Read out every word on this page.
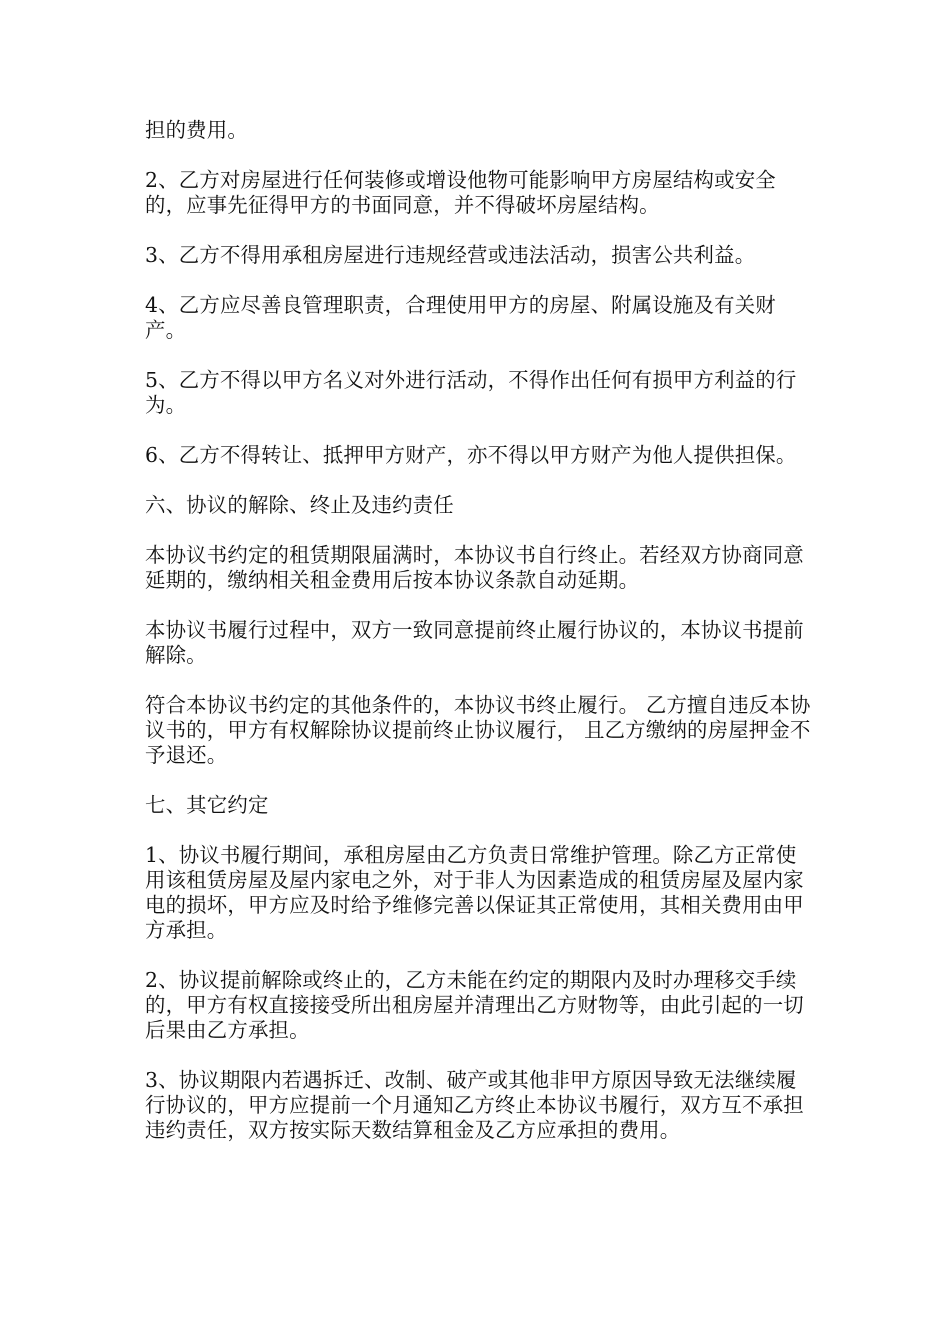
担的费用。

2、乙方对房屋进行任何装修或增设他物可能影响甲方房屋结构或安全的，应事先征得甲方的书面同意，并不得破坏房屋结构。

3、乙方不得用承租房屋进行违规经营或违法活动，损害公共利益。

4、乙方应尽善良管理职责，合理使用甲方的房屋、附属设施及有关财产。

5、乙方不得以甲方名义对外进行活动，不得作出任何有损甲方利益的行为。

6、乙方不得转让、抵押甲方财产，亦不得以甲方财产为他人提供担保。

六、协议的解除、终止及违约责任

本协议书约定的租赁期限届满时，本协议书自行终止。若经双方协商同意延期的，缴纳相关租金费用后按本协议条款自动延期。

本协议书履行过程中，双方一致同意提前终止履行协议的，本协议书提前解除。

符合本协议书约定的其他条件的，本协议书终止履行。 乙方擅自违反本协议书的，甲方有权解除协议提前终止协议履行， 且乙方缴纳的房屋押金不予退还。

七、其它约定

1、协议书履行期间，承租房屋由乙方负责日常维护管理。除乙方正常使用该租赁房屋及屋内家电之外，对于非人为因素造成的租赁房屋及屋内家电的损坏，甲方应及时给予维修完善以保证其正常使用，其相关费用由甲方承担。

2、协议提前解除或终止的，乙方未能在约定的期限内及时办理移交手续的，甲方有权直接接受所出租房屋并清理出乙方财物等，由此引起的一切后果由乙方承担。

3、协议期限内若遇拆迁、改制、破产或其他非甲方原因导致无法继续履行协议的，甲方应提前一个月通知乙方终止本协议书履行，双方互不承担违约责任，双方按实际天数结算租金及乙方应承担的费用。
